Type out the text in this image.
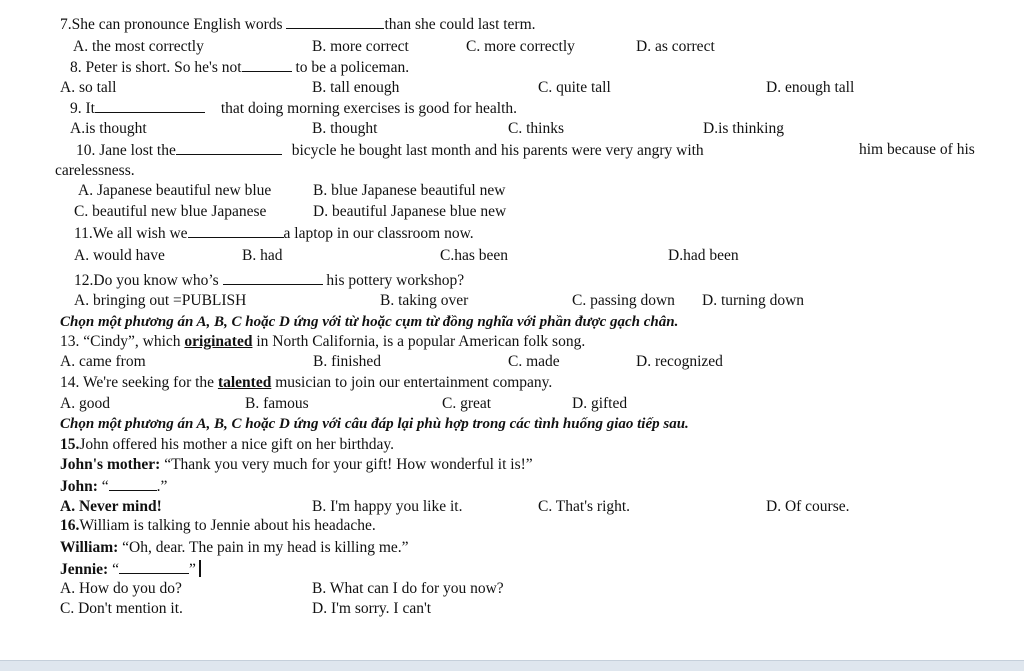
7.She can pronounce English words	than she could last term.
A. the most correctly	B. more correct	C. more correctly	D. as correct
8. Peter is short. So he's not	to be a policeman.
A. so tall	B. tall enough	C. quite tall	D. enough tall
9. It	that doing morning exercises is good for health.
A.is thought	B. thought	C. thinks	D.is thinking
10. Jane lost the	bicycle he bought last month and his parents were very angry with	him because of his
carelessness.
A. Japanese beautiful new blue	B. blue Japanese beautiful new
C. beautiful new blue Japanese	D. beautiful Japanese blue new
11.We all wish we	a laptop in our classroom now.
A. would have	B. had	C.has been	D.had been
12.Do you know who’s	his pottery workshop?
A. bringing out =PUBLISH	B. taking over	C. passing down D. turning down
Chọn một phương án A, B, C hoặc D ứng với từ hoặc cụm từ đồng nghĩa với phần được gạch chân.
13. “Cindy”, which originated in North California, is a popular American folk song.
A. came from	B. finished	C. made	D. recognized
14. We're seeking for the talented musician to join our entertainment company.
A. good	B. famous	C. great	D. gifted
Chọn một phương án A, B, C hoặc D ứng với câu đáp lại phù hợp trong các tình huống giao tiếp sau.
15.John offered his mother a nice gift on her birthday.
John's mother: “Thank you very much for your gift! How wonderful it is!”
John: “	.”
A. Never mind!	B. I'm happy you like it.	C. That's right.	D. Of course.
16.William is talking to Jennie about his headache.
William: “Oh, dear. The pain in my head is killing me.”
Jennie: “	”
A. How do you do?	B. What can I do for you now?
C. Don't mention it.	D. I'm sorry. I can't
